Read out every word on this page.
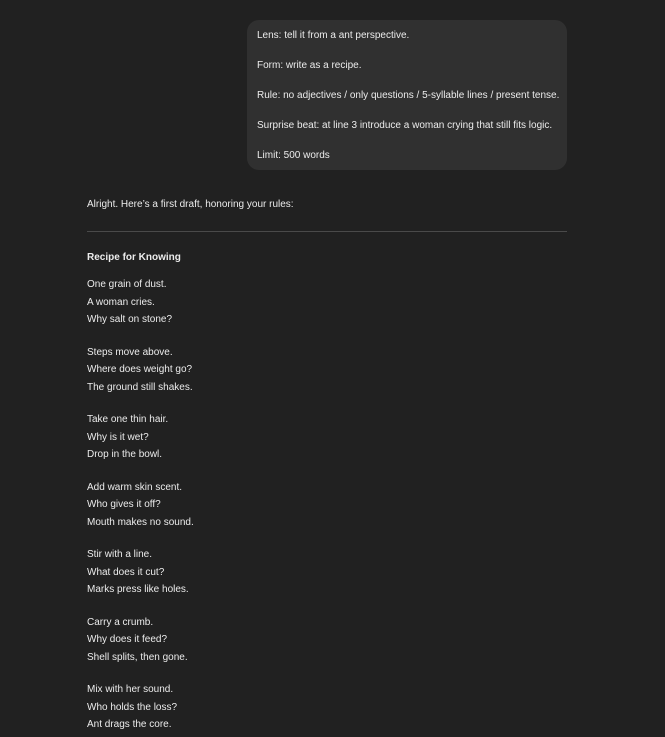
Lens: tell it from a ant perspective.
Form: write as a recipe.
Rule: no adjectives / only questions / 5-syllable lines / present tense.
Surprise beat: at line 3 introduce a woman crying that still fits logic.
Limit: 500 words

Alright. Here’s a first draft, honoring your rules:

Recipe for Knowing
One grain of dust.
A woman cries.
Why salt on stone?
Steps move above.
Where does weight go?
The ground still shakes.
Take one thin hair.
Why is it wet?
Drop in the bowl.
Add warm skin scent.
Who gives it off?
Mouth makes no sound.
Stir with a line.
What does it cut?
Marks press like holes.
Carry a crumb.
Why does it feed?
Shell splits, then gone.
Mix with her sound.
Who holds the loss?
Ant drags the core.
